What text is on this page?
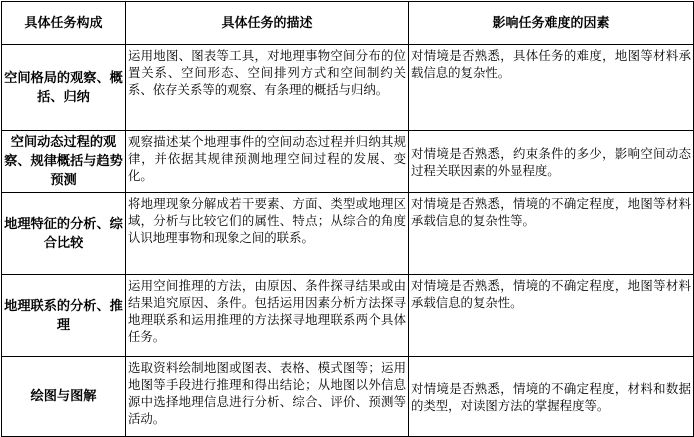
具体任务构成	具体任务的描述	影响任务难度的因素
空间格局的观察、概括、归纳	运用地图、图表等工具，对地理事物空间分布的位置关系、空间形态、空间排列方式和空间制约关系、依存关系等的观察、有条理的概括与归纳。	对情境是否熟悉，具体任务的难度，地图等材料承载信息的复杂性。
空间动态过程的观察、规律概括与趋势预测	观察描述某个地理事件的空间动态过程并归纳其规律，并依据其规律预测地理空间过程的发展、变化。	对情境是否熟悉，约束条件的多少，影响空间动态过程关联因素的外显程度。
地理特征的分析、综合比较	将地理现象分解成若干要素、方面、类型或地理区域，分析与比较它们的属性、特点；从综合的角度认识地理事物和现象之间的联系。	对情境是否熟悉，情境的不确定程度，地图等材料承载信息的复杂性等。
地理联系的分析、推理	运用空间推理的方法，由原因、条件探寻结果或由结果追究原因、条件。包括运用因素分析方法探寻地理联系和运用推理的方法探寻地理联系两个具体任务。	对情境是否熟悉，情境的不确定程度，地图等材料承载信息的复杂性。
绘图与图解	选取资料绘制地图或图表、表格、模式图等；运用地图等手段进行推理和得出结论；从地图以外信息源中选择地理信息进行分析、综合、评价、预测等活动。	对情境是否熟悉，情境的不确定程度，材料和数据的类型，对读图方法的掌握程度等。
